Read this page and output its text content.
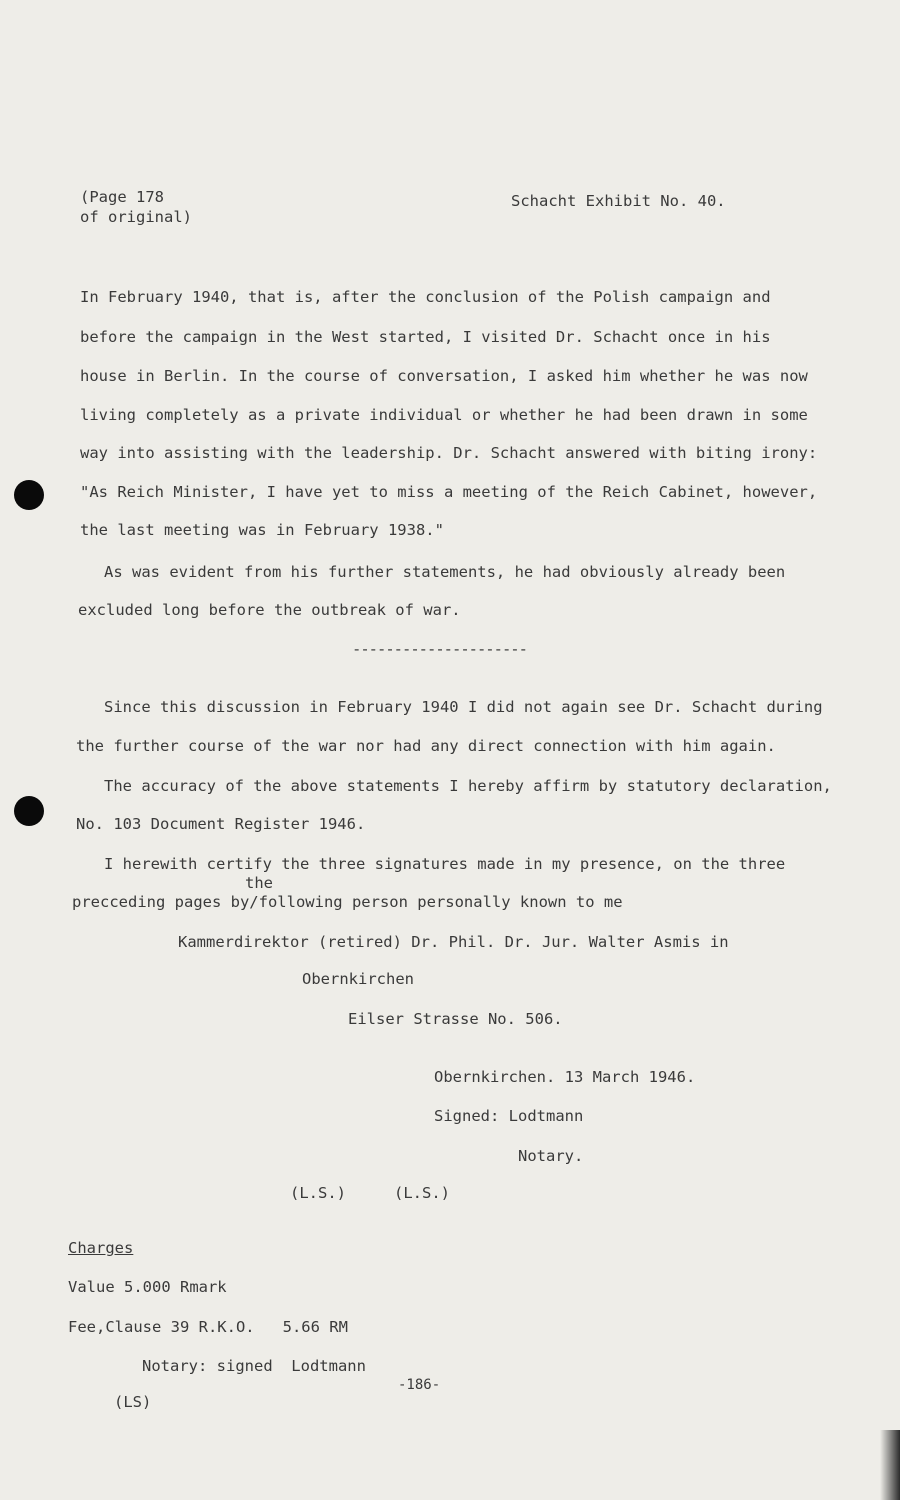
(Page 178
of original)
Schacht Exhibit No. 40.
In February 1940, that is, after the conclusion of the Polish campaign and
before the campaign in the West started, I visited Dr. Schacht once in his
house in Berlin. In the course of conversation, I asked him whether he was now
living completely as a private individual or whether he had been drawn in some
way into assisting with the leadership. Dr. Schacht answered with biting irony:
"As Reich Minister, I have yet to miss a meeting of the Reich Cabinet, however,
the last meeting was in February 1938."
As was evident from his further statements, he had obviously already been
excluded long before the outbreak of war.
---------------------
Since this discussion in February 1940 I did not again see Dr. Schacht during
the further course of the war nor had any direct connection with him again.
The accuracy of the above statements I hereby affirm by statutory declaration,
No. 103 Document Register 1946.
I herewith certify the three signatures made in my presence, on the three
the
precceding pages by/following person personally known to me
Kammerdirektor (retired) Dr. Phil. Dr. Jur. Walter Asmis in
Obernkirchen
Eilser Strasse No. 506.
Obernkirchen. 13 March 1946.
Signed: Lodtmann
Notary.
(L.S.)	(L.S.)
Charges
Value 5.000 Rmark
Fee,Clause 39 R.K.O.   5.66 RM
Notary: signed  Lodtmann
-186-
(LS)
